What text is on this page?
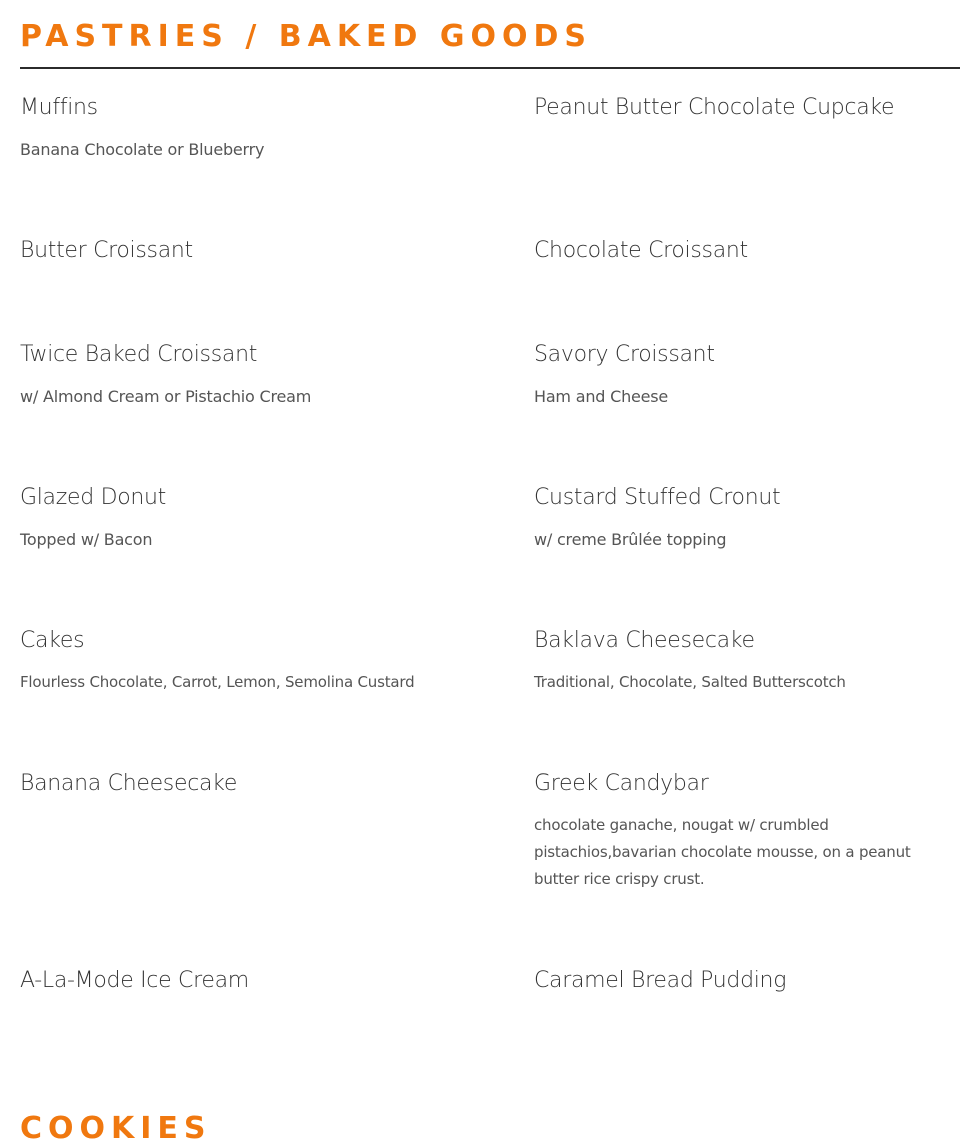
PASTRIES / BAKED GOODS

Muffins

Banana Chocolate or Blueberry

Peanut Butter Chocolate Cupcake

Butter Croissant	Chocolate Croissant

Twice Baked Croissant

w/ Almond Cream or Pistachio Cream

Savory Croissant

Ham and Cheese

Glazed Donut

Topped w/ Bacon

Custard Stuffed Cronut

w/ creme Brûlée topping

Cakes

Flourless Chocolate, Carrot, Lemon, Semolina Custard

Baklava Cheesecake

Traditional, Chocolate, Salted Butterscotch

Banana Cheesecake	Greek Candybar

chocolate ganache, nougat w/ crumbled pistachios,bavarian chocolate mousse, on a peanut butter rice crispy crust.

A-La-Mode Ice Cream	Caramel Bread Pudding

COOKIES
